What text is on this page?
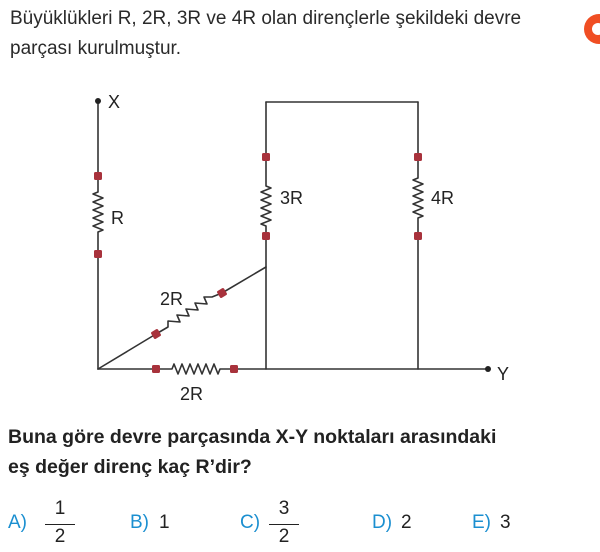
Büyüklükleri R, 2R, 3R ve 4R olan dirençlerle şekildeki devre
parçası kurulmuştur.
X
Y
R
2R
2R
3R	4R
Buna göre devre parçasında X-Y noktaları arasındaki
eş değer direnç kaç R’dir?
A)
1
2
B) 1	C)
3
2
D) 2	E) 3
